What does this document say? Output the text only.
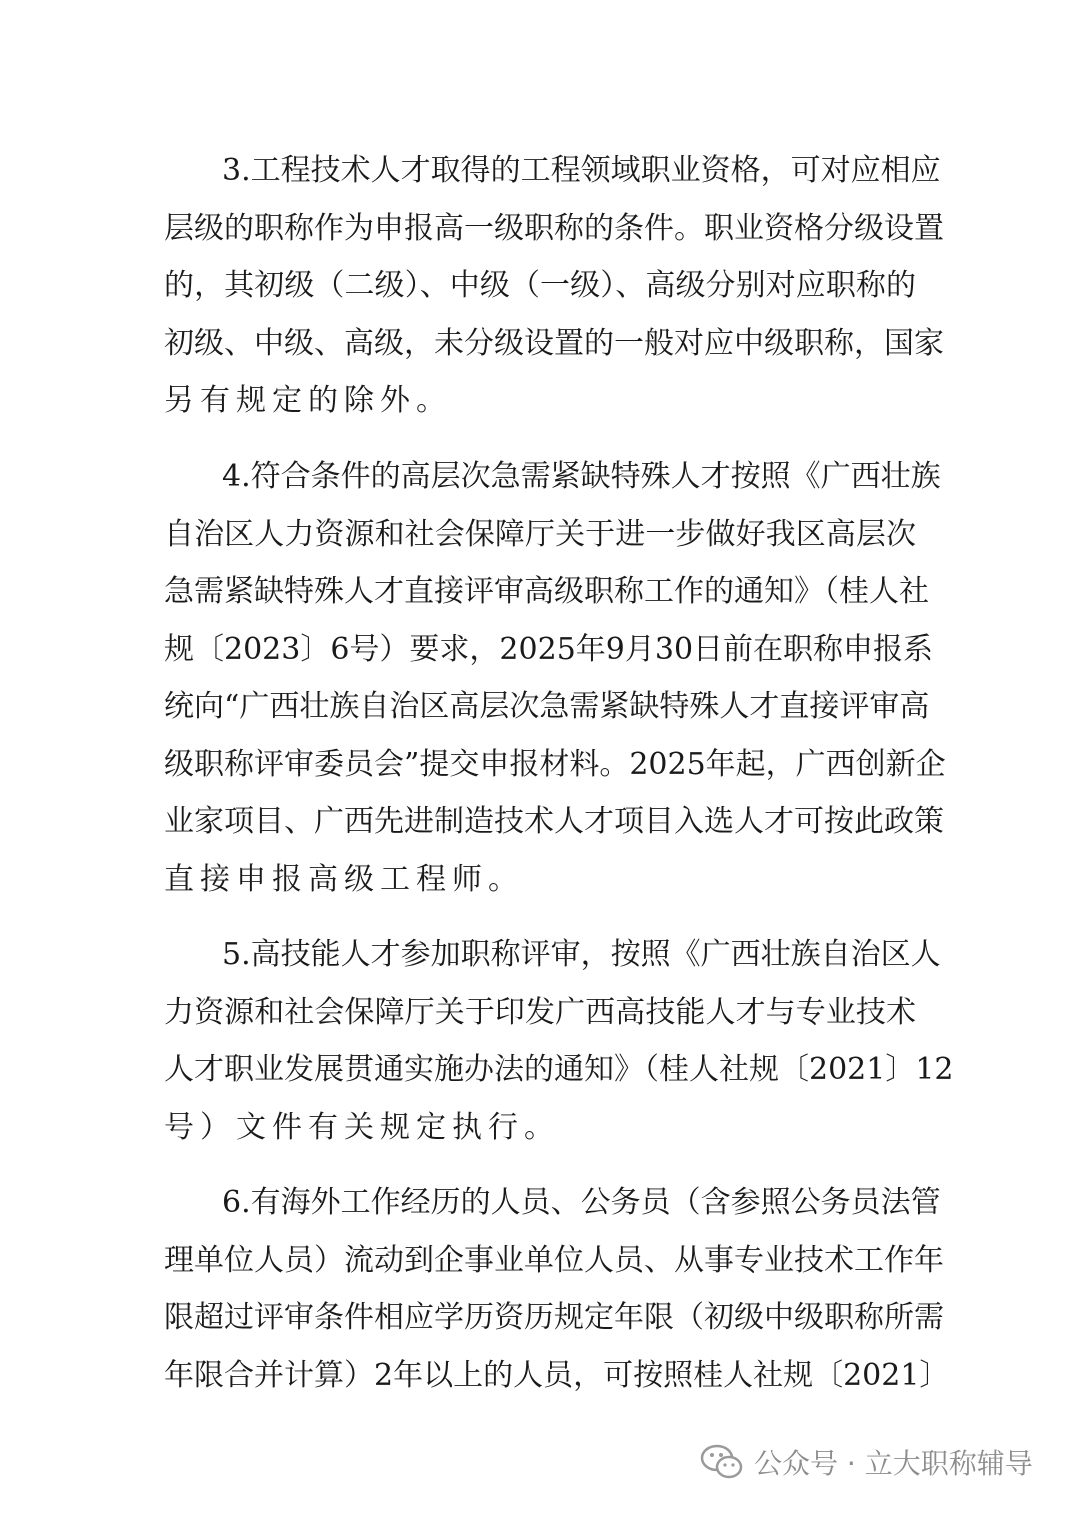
3.工程技术人才取得的工程领域职业资格，可对应相应
层级的职称作为申报高一级职称的条件。职业资格分级设置
的，其初级（二级）、中级（一级）、高级分别对应职称的
初级、中级、高级，未分级设置的一般对应中级职称，国家
另有规定的除外。
4.符合条件的高层次急需紧缺特殊人才按照《广西壮族
自治区人力资源和社会保障厅关于进一步做好我区高层次
急需紧缺特殊人才直接评审高级职称工作的通知》（桂人社
规〔2023〕6号）要求，2025年9月30日前在职称申报系
统向“广西壮族自治区高层次急需紧缺特殊人才直接评审高
级职称评审委员会”提交申报材料。2025年起，广西创新企
业家项目、广西先进制造技术人才项目入选人才可按此政策
直接申报高级工程师。
5.高技能人才参加职称评审，按照《广西壮族自治区人
力资源和社会保障厅关于印发广西高技能人才与专业技术
人才职业发展贯通实施办法的通知》（桂人社规〔2021〕12
号）文件有关规定执行。
6.有海外工作经历的人员、公务员（含参照公务员法管
理单位人员）流动到企事业单位人员、从事专业技术工作年
限超过评审条件相应学历资历规定年限（初级中级职称所需
年限合并计算）2年以上的人员，可按照桂人社规〔2021〕
公众号 · 立大职称辅导
